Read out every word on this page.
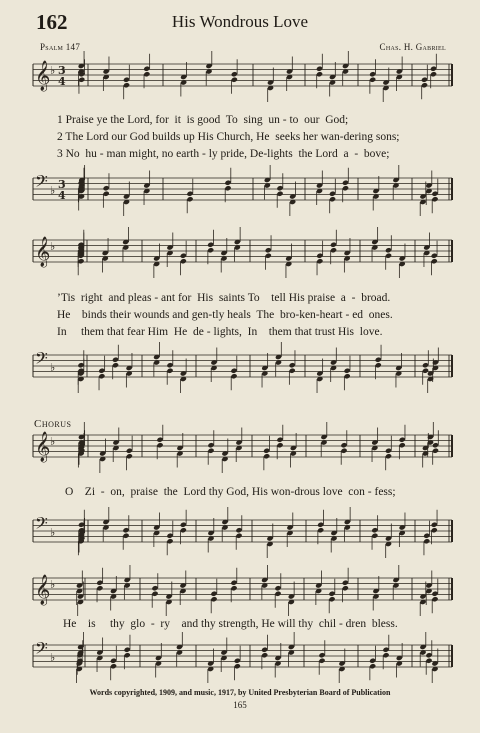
162	His Wondrous Love
Psalm 147	Chas. H. Gabriel
𝄞 ♭ 3
4
𝄢 ♭ 3
4
𝄞 ♭
𝄢 ♭
𝄞 ♭
𝄢 ♭
𝄞 ♭
𝄢 ♭
1 Praise ye the Lord, for  it  is good  To  sing  un - to  our  God;
2 The Lord our God builds up His Church, He  seeks her wan-dering sons;
3 No  hu - man might, no earth - ly pride, De-lights  the Lord  a  -  bove;
’Tis  right  and pleas - ant for  His  saints To    tell His praise  a  -  broad.
He    binds their wounds and gen-tly heals  The  bro-ken-heart - ed  ones.
In     them that fear Him  He  de - lights,  In    them that trust His  love.
Chorus
O    Zi  -  on,  praise  the  Lord thy God, His won-drous love  con - fess;
He    is     thy  glo  -  ry    and thy strength, He will thy  chil - dren  bless.
Words copyrighted, 1909, and music, 1917, by United Presbyterian Board of Publication
165
